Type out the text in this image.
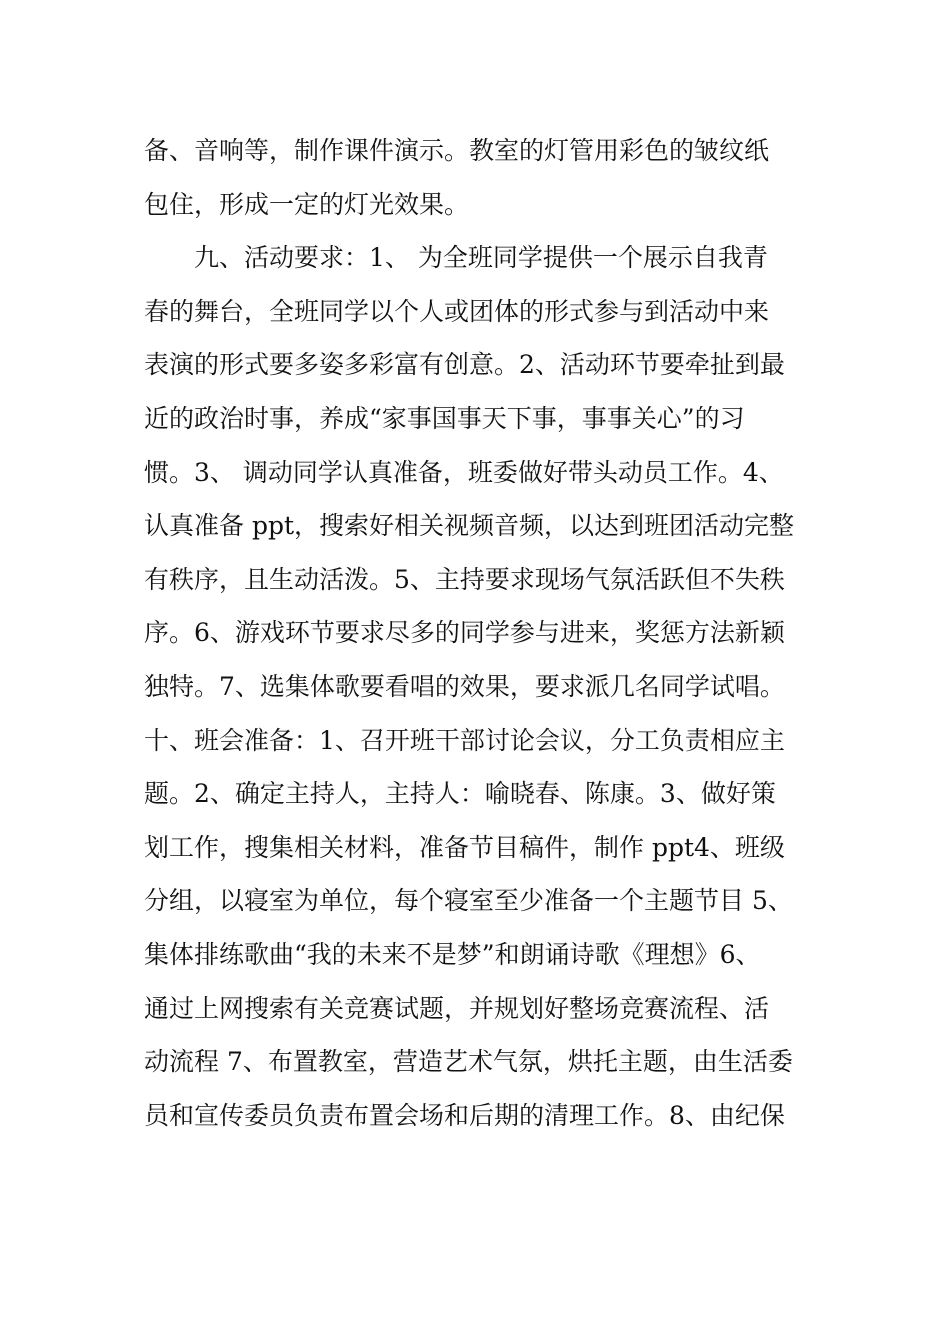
备、音响等，制作课件演示。教室的灯管用彩色的皱纹纸

包住，形成一定的灯光效果。

九、活动要求：1、 为全班同学提供一个展示自我青

春的舞台，全班同学以个人或团体的形式参与到活动中来

表演的形式要多姿多彩富有创意。2、活动环节要牵扯到最

近的政治时事，养成“家事国事天下事，事事关心”的习

惯。3、 调动同学认真准备，班委做好带头动员工作。4、

认真准备 ppt，搜索好相关视频音频，以达到班团活动完整

有秩序，且生动活泼。5、主持要求现场气氛活跃但不失秩

序。6、游戏环节要求尽多的同学参与进来，奖惩方法新颖

独特。7、选集体歌要看唱的效果，要求派几名同学试唱。

十、班会准备：1、召开班干部讨论会议，分工负责相应主

题。2、确定主持人，主持人：喻晓春、陈康。3、做好策

划工作，搜集相关材料，准备节目稿件，制作 ppt4、班级

分组，以寝室为单位，每个寝室至少准备一个主题节目 5、

集体排练歌曲“我的未来不是梦”和朗诵诗歌《理想》6、

通过上网搜索有关竞赛试题，并规划好整场竞赛流程、活

动流程 7、布置教室，营造艺术气氛，烘托主题，由生活委

员和宣传委员负责布置会场和后期的清理工作。8、由纪保
